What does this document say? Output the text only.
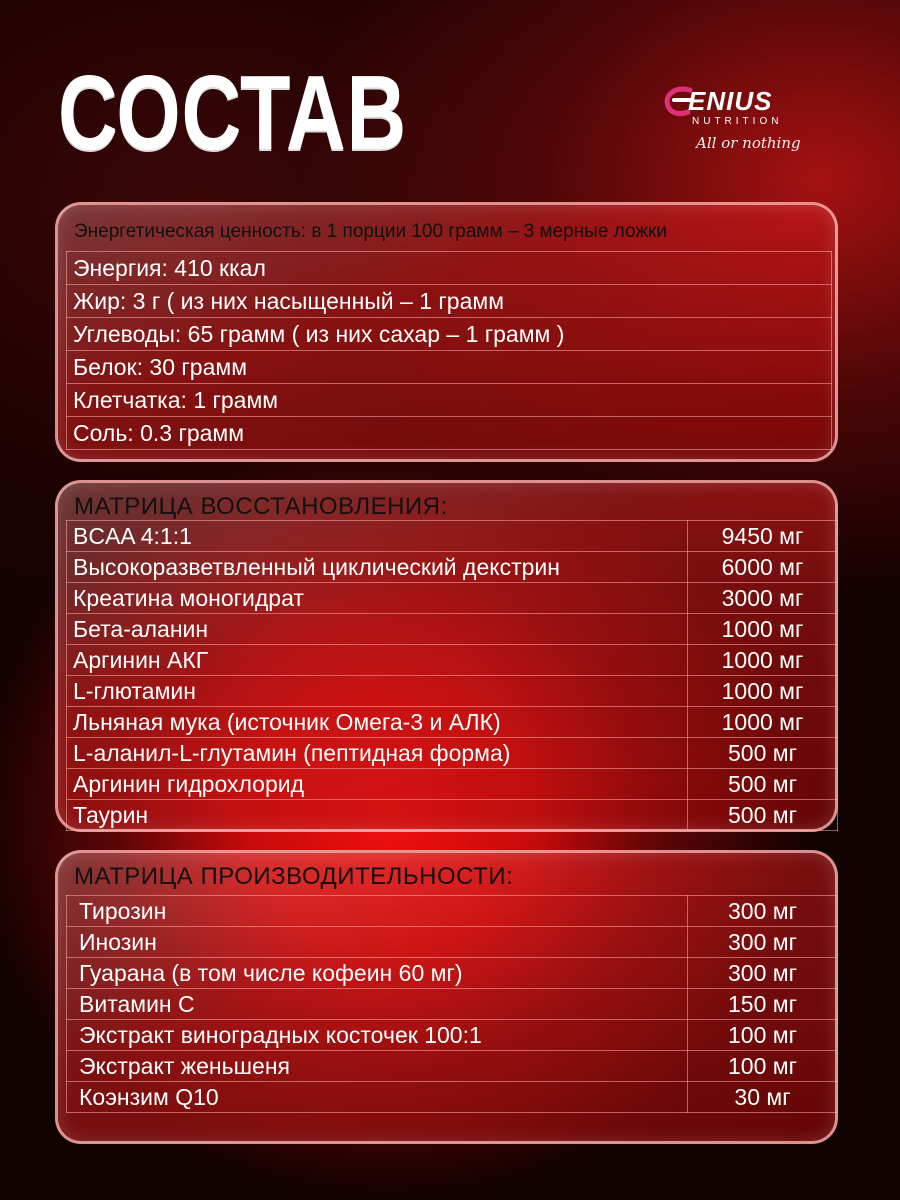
СОСТАВ	ENIUS
NUTRITION
All or nothing
Энергетическая ценность: в 1 порции 100 грамм – 3 мерные ложки
Энергия: 410 ккал
Жир: 3 г ( из них насыщенный – 1 грамм
Углеводы: 65 грамм ( из них сахар – 1 грамм )
Белок: 30 грамм
Клетчатка: 1 грамм
Соль: 0.3 грамм
МАТРИЦА ВОССТАНОВЛЕНИЯ:
BCAA 4:1:1	9450 мг
Высокоразветвленный циклический декстрин	6000 мг
Креатина моногидрат	3000 мг
Бета-аланин	1000 мг
Аргинин АКГ	1000 мг
L-глютамин	1000 мг
Льняная мука (источник Омега-3 и АЛК)	1000 мг
L-аланил-L-глутамин (пептидная форма)	500 мг
Аргинин гидрохлорид	500 мг
Таурин	500 мг
МАТРИЦА ПРОИЗВОДИТЕЛЬНОСТИ:
Тирозин	300 мг
Инозин	300 мг
Гуарана (в том числе кофеин 60 мг)	300 мг
Витамин С	150 мг
Экстракт виноградных косточек 100:1	100 мг
Экстракт женьшеня	100 мг
Коэнзим Q10	30 мг
